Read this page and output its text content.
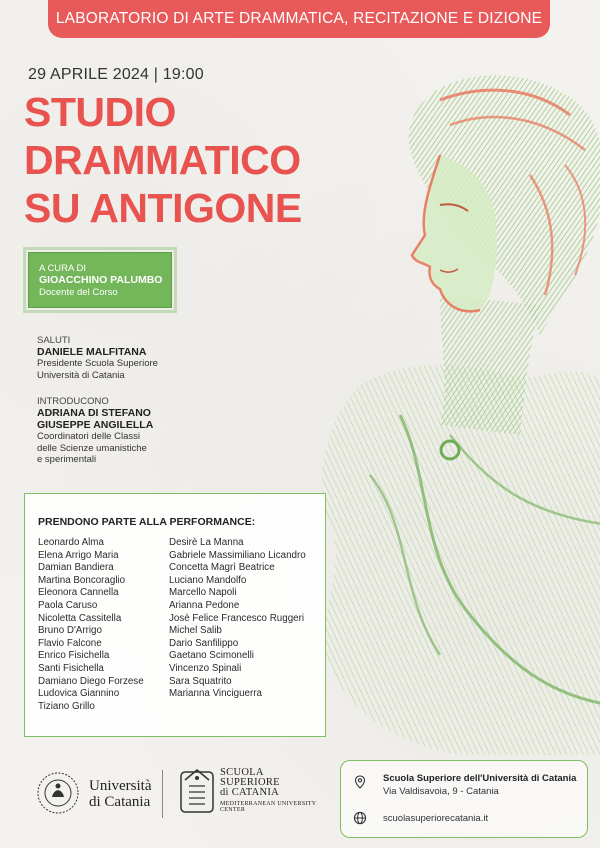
LABORATORIO DI ARTE DRAMMATICA, RECITAZIONE E DIZIONE
29 APRILE 2024 | 19:00
STUDIO
DRAMMATICO
SU ANTIGONE
A CURA DI
GIOACCHINO PALUMBO
Docente del Corso
SALUTI
DANIELE MALFITANA
Presidente Scuola Superiore
Università di Catania
INTRODUCONO
ADRIANA DI STEFANO
GIUSEPPE ANGILELLA
Coordinatori delle Classi
delle Scienze umanistiche
e sperimentali
PRENDONO PARTE ALLA PERFORMANCE:
Leonardo Alma
Elena Arrigo Maria
Damian Bandiera
Martina Boncoraglio
Eleonora Cannella
Paola Caruso
Nicoletta Cassitella
Bruno D'Arrigo
Flavio Falcone
Enrico Fisichella
Santi Fisichella
Damiano Diego Forzese
Ludovica Giannino
Tiziano Grillo
Desirè La Manna
Gabriele Massimiliano Licandro
Concetta Magrì Beatrice
Luciano Mandolfo
Marcello Napoli
Arianna Pedone
Josè Felice Francesco Ruggeri
Michel Salib
Dario Sanfilippo
Gaetano Scimonelli
Vincenzo Spinali
Sara Squatrito
Marianna Vinciguerra
Università
di Catania
SCUOLA
SUPERIORE
di CATANIA
MEDITERRANEAN UNIVERSITY CENTER
Scuola Superiore dell'Università di Catania
Via Valdisavoia, 9 - Catania
scuolasuperiorecatania.it
